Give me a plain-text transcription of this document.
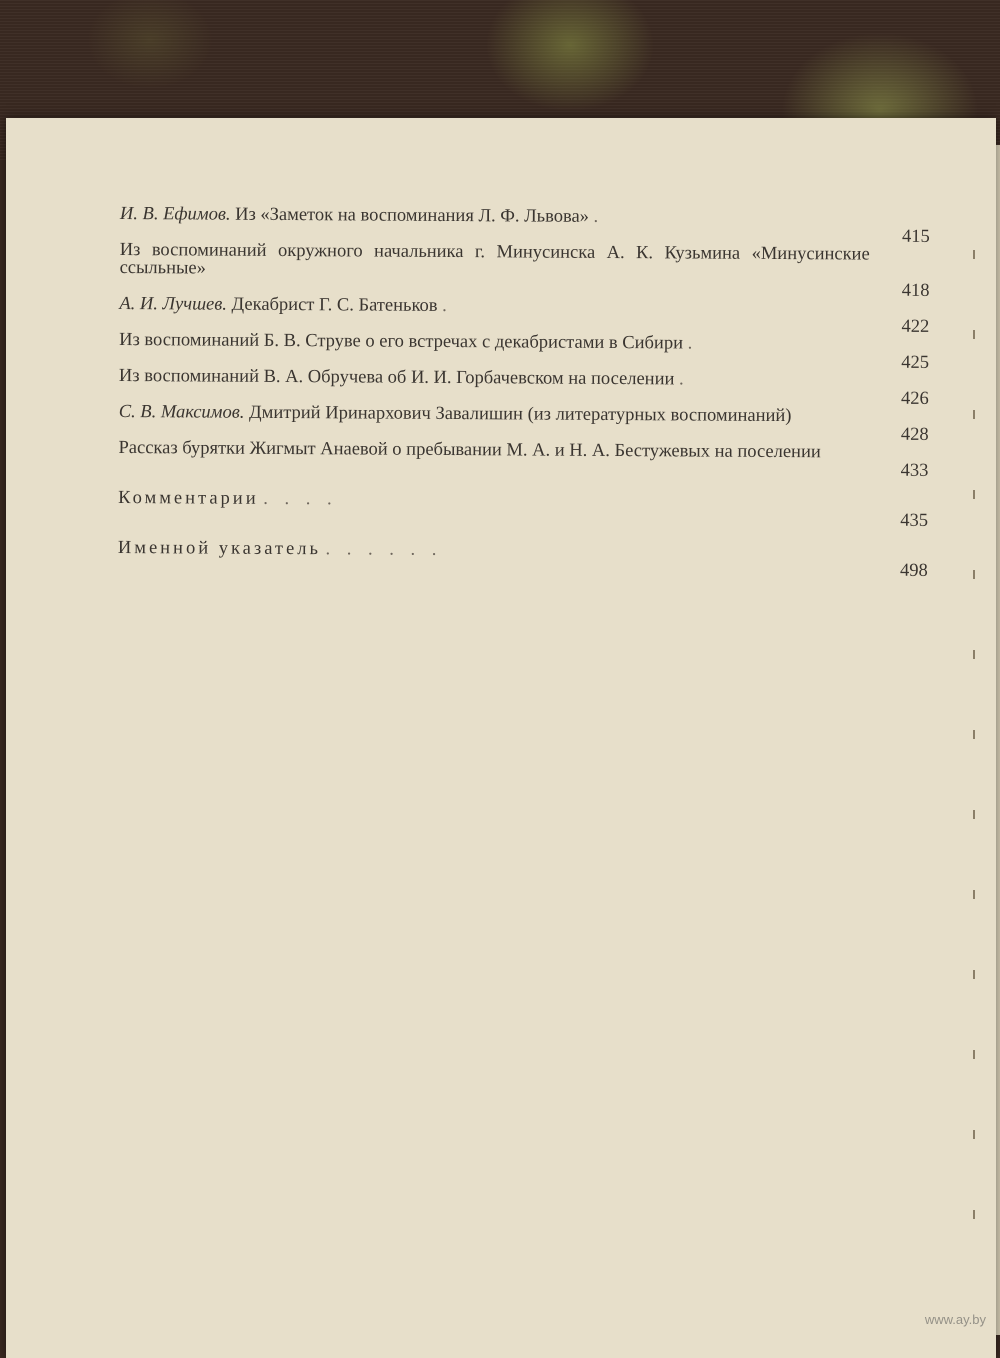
И. В. Ефимов. Из «Заметок на воспоминания Л. Ф. Львова» .
415
Из воспоминаний окружного начальника г. Минусинска А. К. Кузьмина «Минусинские ссыльные»
418
А. И. Лучшев. Декабрист Г. С. Батеньков .
422
Из воспоминаний Б. В. Струве о его встречах с декабристами в Сибири .
425
Из воспоминаний В. А. Обручева об И. И. Горбачевском на поселении .
426
С. В. Максимов. Дмитрий Иринархович Завалишин (из литературных воспоминаний)
428
Рассказ бурятки Жигмыт Анаевой о пребывании М. А. и Н. А. Бестужевых на поселении
433
Комментарии . . . .
435
Именной указатель . . . . . .
498
www.ay.by
